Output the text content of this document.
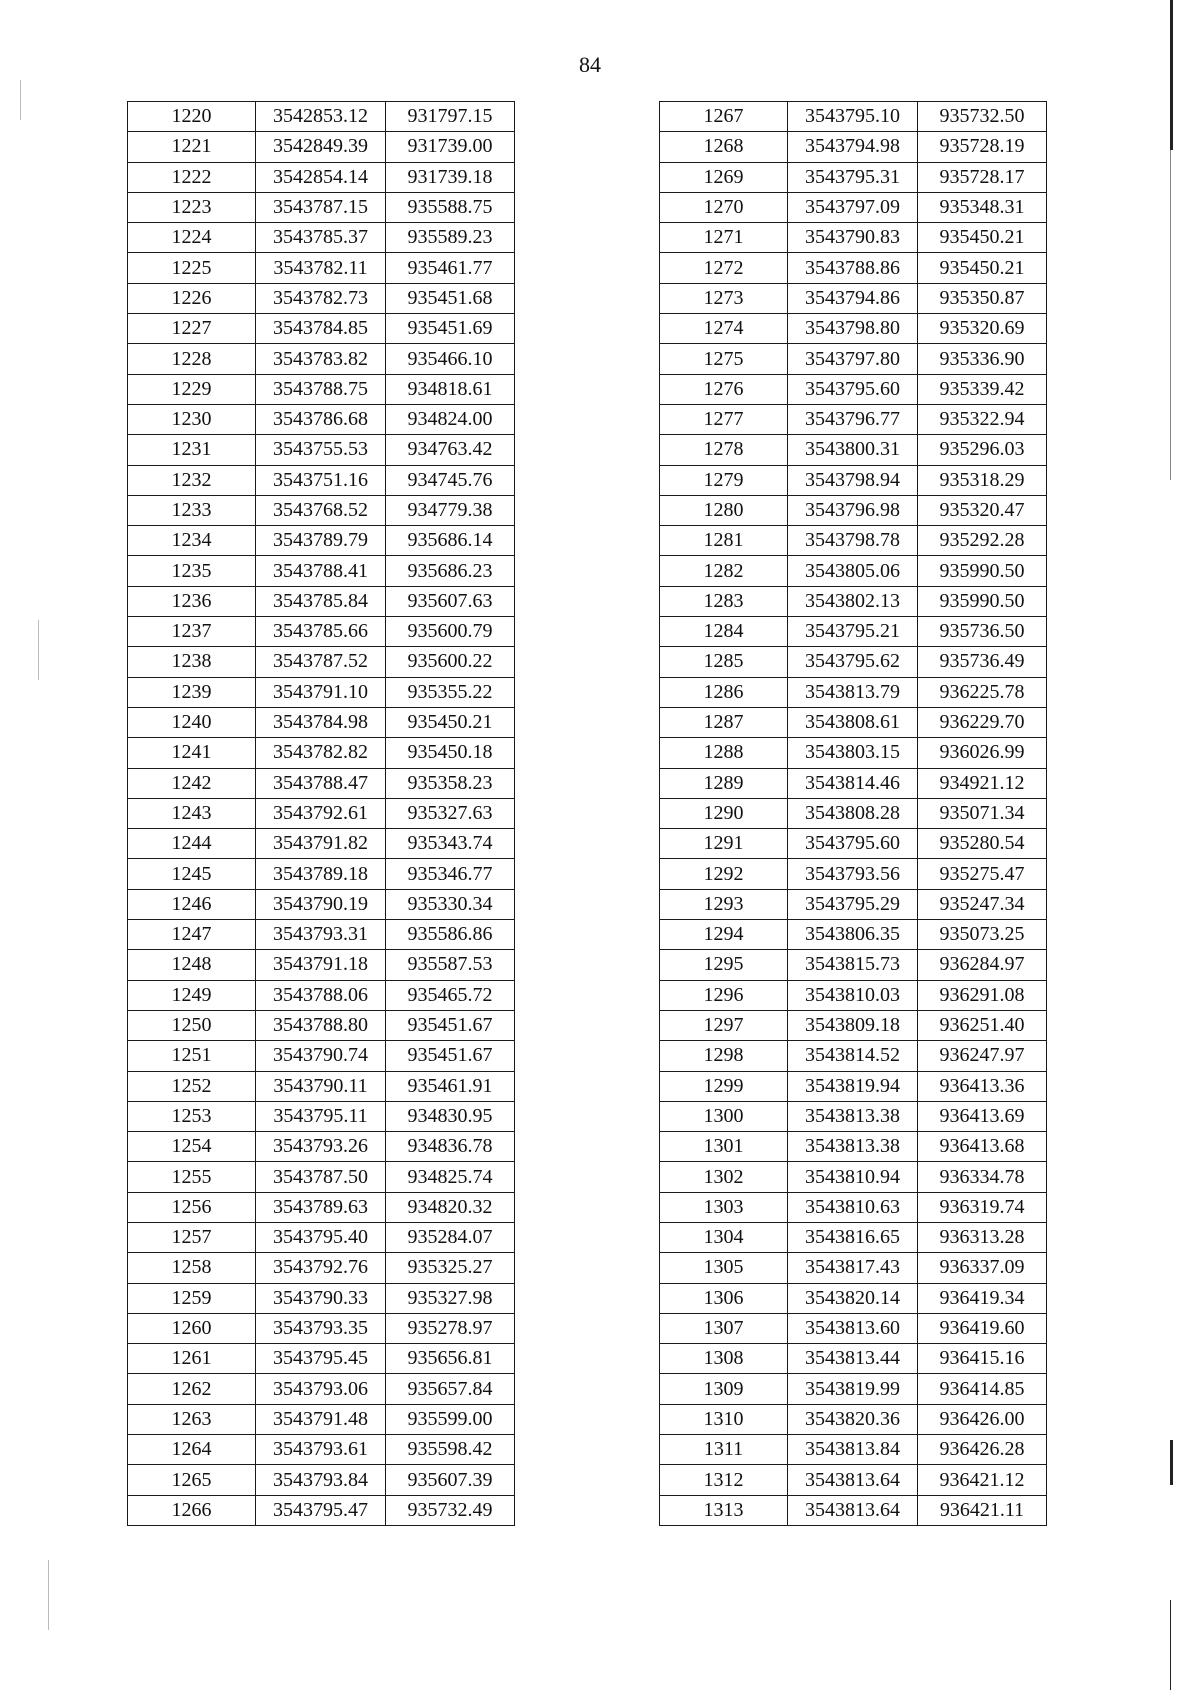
84
1220	3542853.12	931797.15
1221	3542849.39	931739.00
1222	3542854.14	931739.18
1223	3543787.15	935588.75
1224	3543785.37	935589.23
1225	3543782.11	935461.77
1226	3543782.73	935451.68
1227	3543784.85	935451.69
1228	3543783.82	935466.10
1229	3543788.75	934818.61
1230	3543786.68	934824.00
1231	3543755.53	934763.42
1232	3543751.16	934745.76
1233	3543768.52	934779.38
1234	3543789.79	935686.14
1235	3543788.41	935686.23
1236	3543785.84	935607.63
1237	3543785.66	935600.79
1238	3543787.52	935600.22
1239	3543791.10	935355.22
1240	3543784.98	935450.21
1241	3543782.82	935450.18
1242	3543788.47	935358.23
1243	3543792.61	935327.63
1244	3543791.82	935343.74
1245	3543789.18	935346.77
1246	3543790.19	935330.34
1247	3543793.31	935586.86
1248	3543791.18	935587.53
1249	3543788.06	935465.72
1250	3543788.80	935451.67
1251	3543790.74	935451.67
1252	3543790.11	935461.91
1253	3543795.11	934830.95
1254	3543793.26	934836.78
1255	3543787.50	934825.74
1256	3543789.63	934820.32
1257	3543795.40	935284.07
1258	3543792.76	935325.27
1259	3543790.33	935327.98
1260	3543793.35	935278.97
1261	3543795.45	935656.81
1262	3543793.06	935657.84
1263	3543791.48	935599.00
1264	3543793.61	935598.42
1265	3543793.84	935607.39
1266	3543795.47	935732.49
1267	3543795.10	935732.50
1268	3543794.98	935728.19
1269	3543795.31	935728.17
1270	3543797.09	935348.31
1271	3543790.83	935450.21
1272	3543788.86	935450.21
1273	3543794.86	935350.87
1274	3543798.80	935320.69
1275	3543797.80	935336.90
1276	3543795.60	935339.42
1277	3543796.77	935322.94
1278	3543800.31	935296.03
1279	3543798.94	935318.29
1280	3543796.98	935320.47
1281	3543798.78	935292.28
1282	3543805.06	935990.50
1283	3543802.13	935990.50
1284	3543795.21	935736.50
1285	3543795.62	935736.49
1286	3543813.79	936225.78
1287	3543808.61	936229.70
1288	3543803.15	936026.99
1289	3543814.46	934921.12
1290	3543808.28	935071.34
1291	3543795.60	935280.54
1292	3543793.56	935275.47
1293	3543795.29	935247.34
1294	3543806.35	935073.25
1295	3543815.73	936284.97
1296	3543810.03	936291.08
1297	3543809.18	936251.40
1298	3543814.52	936247.97
1299	3543819.94	936413.36
1300	3543813.38	936413.69
1301	3543813.38	936413.68
1302	3543810.94	936334.78
1303	3543810.63	936319.74
1304	3543816.65	936313.28
1305	3543817.43	936337.09
1306	3543820.14	936419.34
1307	3543813.60	936419.60
1308	3543813.44	936415.16
1309	3543819.99	936414.85
1310	3543820.36	936426.00
1311	3543813.84	936426.28
1312	3543813.64	936421.12
1313	3543813.64	936421.11
